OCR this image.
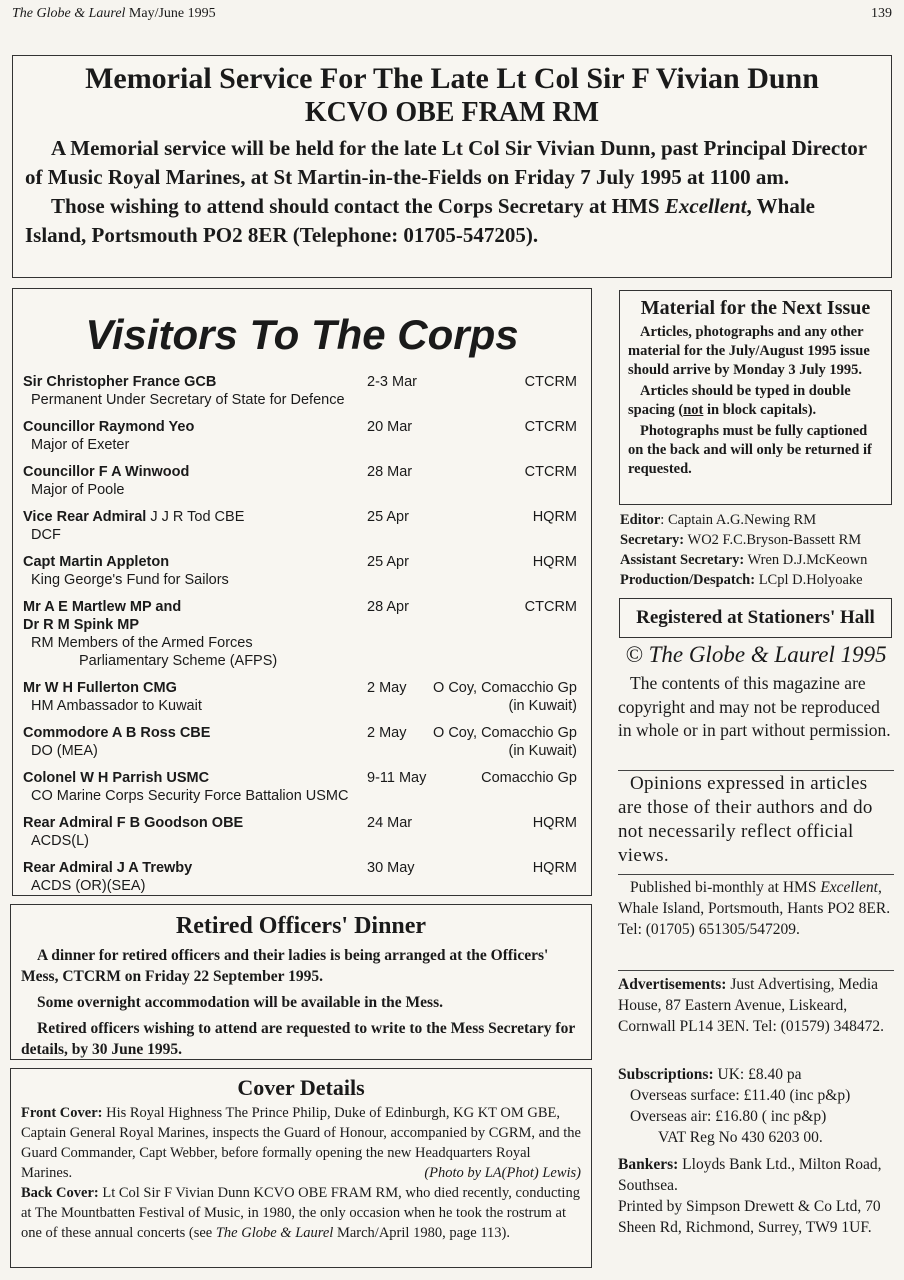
The Globe & Laurel May/June 1995	139

Memorial Service For The Late Lt Col Sir F Vivian Dunn

KCVO OBE FRAM RM

A Memorial service will be held for the late Lt Col Sir Vivian Dunn, past Principal Director of Music Royal Marines, at St Martin-in-the-Fields on Friday 7 July 1995 at 1100 am.

Those wishing to attend should contact the Corps Secretary at HMS Excellent, Whale Island, Portsmouth PO2 8ER (Telephone: 01705-547205).

Visitors To The Corps
Sir Christopher France GCB
Permanent Under Secretary of State for Defence
2-3 Mar	CTCRM
Councillor Raymond Yeo
Major of Exeter
20 Mar	CTCRM
Councillor F A Winwood
Major of Poole
28 Mar	CTCRM
Vice Rear Admiral J J R Tod CBE
DCF
25 Apr	HQRM
Capt Martin Appleton
King George's Fund for Sailors
25 Apr	HQRM
Mr A E Martlew MP and
Dr R M Spink MP
RM Members of the Armed Forces
Parliamentary Scheme (AFPS)
28 Apr	CTCRM
Mr W H Fullerton CMG
HM Ambassador to Kuwait
2 May O Coy, Comacchio Gp
(in Kuwait)
Commodore A B Ross CBE
DO (MEA)
2 May O Coy, Comacchio Gp
(in Kuwait)
Colonel W H Parrish USMC
CO Marine Corps Security Force Battalion USMC
9-11 May	Comacchio Gp
Rear Admiral F B Goodson OBE
ACDS(L)
24 Mar	HQRM
Rear Admiral J A Trewby
ACDS (OR)(SEA)
30 May	HQRM

Retired Officers' Dinner

A dinner for retired officers and their ladies is being arranged at the Officers' Mess, CTCRM on Friday 22 September 1995.

Some overnight accommodation will be available in the Mess.

Retired officers wishing to attend are requested to write to the Mess Secretary for details, by 30 June 1995.

Cover Details

Front Cover: His Royal Highness The Prince Philip, Duke of Edinburgh, KG KT OM GBE, Captain General Royal Marines, inspects the Guard of Honour, accompanied by CGRM, and the Guard Commander, Capt Webber, before formally opening the new Headquarters Royal Marines.	(Photo by LA(Phot) Lewis)

Back Cover: Lt Col Sir F Vivian Dunn KCVO OBE FRAM RM, who died recently, conducting at The Mountbatten Festival of Music, in 1980, the only occasion when he took the rostrum at one of these annual concerts (see The Globe & Laurel March/April 1980, page 113).

Material for the Next Issue

Articles, photographs and any other material for the July/August 1995 issue should arrive by Monday 3 July 1995.

Articles should be typed in double spacing (not in block capitals).

Photographs must be fully captioned on the back and will only be returned if requested.

Editor: Captain A.G.Newing RM
Secretary: WO2 F.C.Bryson-Bassett RM
Assistant Secretary: Wren D.J.McKeown
Production/Despatch: LCpl D.Holyoake
Registered at Stationers' Hall
© The Globe & Laurel 1995
The contents of this magazine are copyright and may not be reproduced in whole or in part without permission.
Opinions expressed in articles are those of their authors and do not necessarily reflect official views.
Published bi-monthly at HMS Excellent, Whale Island, Portsmouth, Hants PO2 8ER.
Tel: (01705) 651305/547209.
Advertisements: Just Advertising, Media House, 87 Eastern Avenue, Liskeard, Cornwall PL14 3EN. Tel: (01579) 348472.
Subscriptions: UK: £8.40 pa
Overseas surface: £11.40 (inc p&p)
Overseas air: £16.80 ( inc p&p)
VAT Reg No 430 6203 00.
Bankers: Lloyds Bank Ltd., Milton Road, Southsea.
Printed by Simpson Drewett & Co Ltd, 70 Sheen Rd, Richmond, Surrey, TW9 1UF.
